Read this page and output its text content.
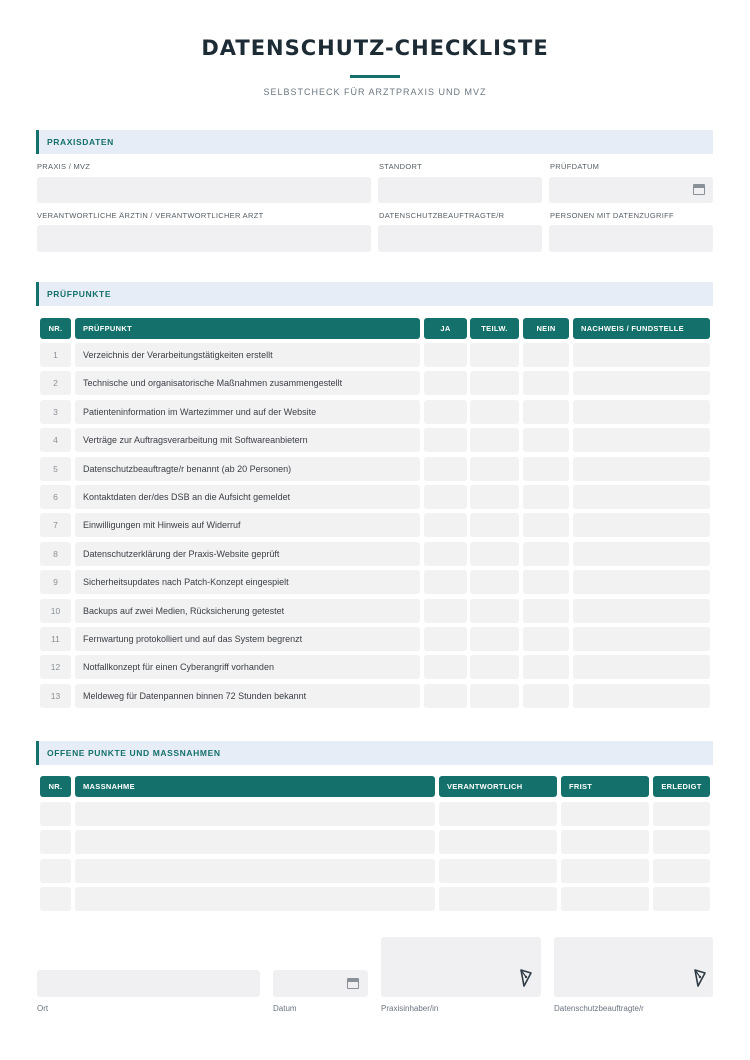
DATENSCHUTZ-CHECKLISTE
SELBSTCHECK FÜR ARZTPRAXIS UND MVZ
PRAXISDATEN
PRAXIS / MVZ	STANDORT	PRÜFDATUM
VERANTWORTLICHE ÄRZTIN / VERANTWORTLICHER ARZT	DATENSCHUTZBEAUFTRAGTE/R	PERSONEN MIT DATENZUGRIFF
PRÜFPUNKTE
NR.	PRÜFPUNKT	JA	TEILW.	NEIN	NACHWEIS / FUNDSTELLE
1	Verzeichnis der Verarbeitungstätigkeiten erstellt
2	Technische und organisatorische Maßnahmen zusammengestellt
3	Patienteninformation im Wartezimmer und auf der Website
4	Verträge zur Auftragsverarbeitung mit Softwareanbietern
5	Datenschutzbeauftragte/r benannt (ab 20 Personen)
6	Kontaktdaten der/des DSB an die Aufsicht gemeldet
7	Einwilligungen mit Hinweis auf Widerruf
8	Datenschutzerklärung der Praxis-Website geprüft
9	Sicherheitsupdates nach Patch-Konzept eingespielt
10	Backups auf zwei Medien, Rücksicherung getestet
11	Fernwartung protokolliert und auf das System begrenzt
12	Notfallkonzept für einen Cyberangriff vorhanden
13	Meldeweg für Datenpannen binnen 72 Stunden bekannt
OFFENE PUNKTE UND MASSNAHMEN
NR.	MASSNAHME	VERANTWORTLICH	FRIST	ERLEDIGT
Ort	Datum	Praxisinhaber/in	Datenschutzbeauftragte/r
